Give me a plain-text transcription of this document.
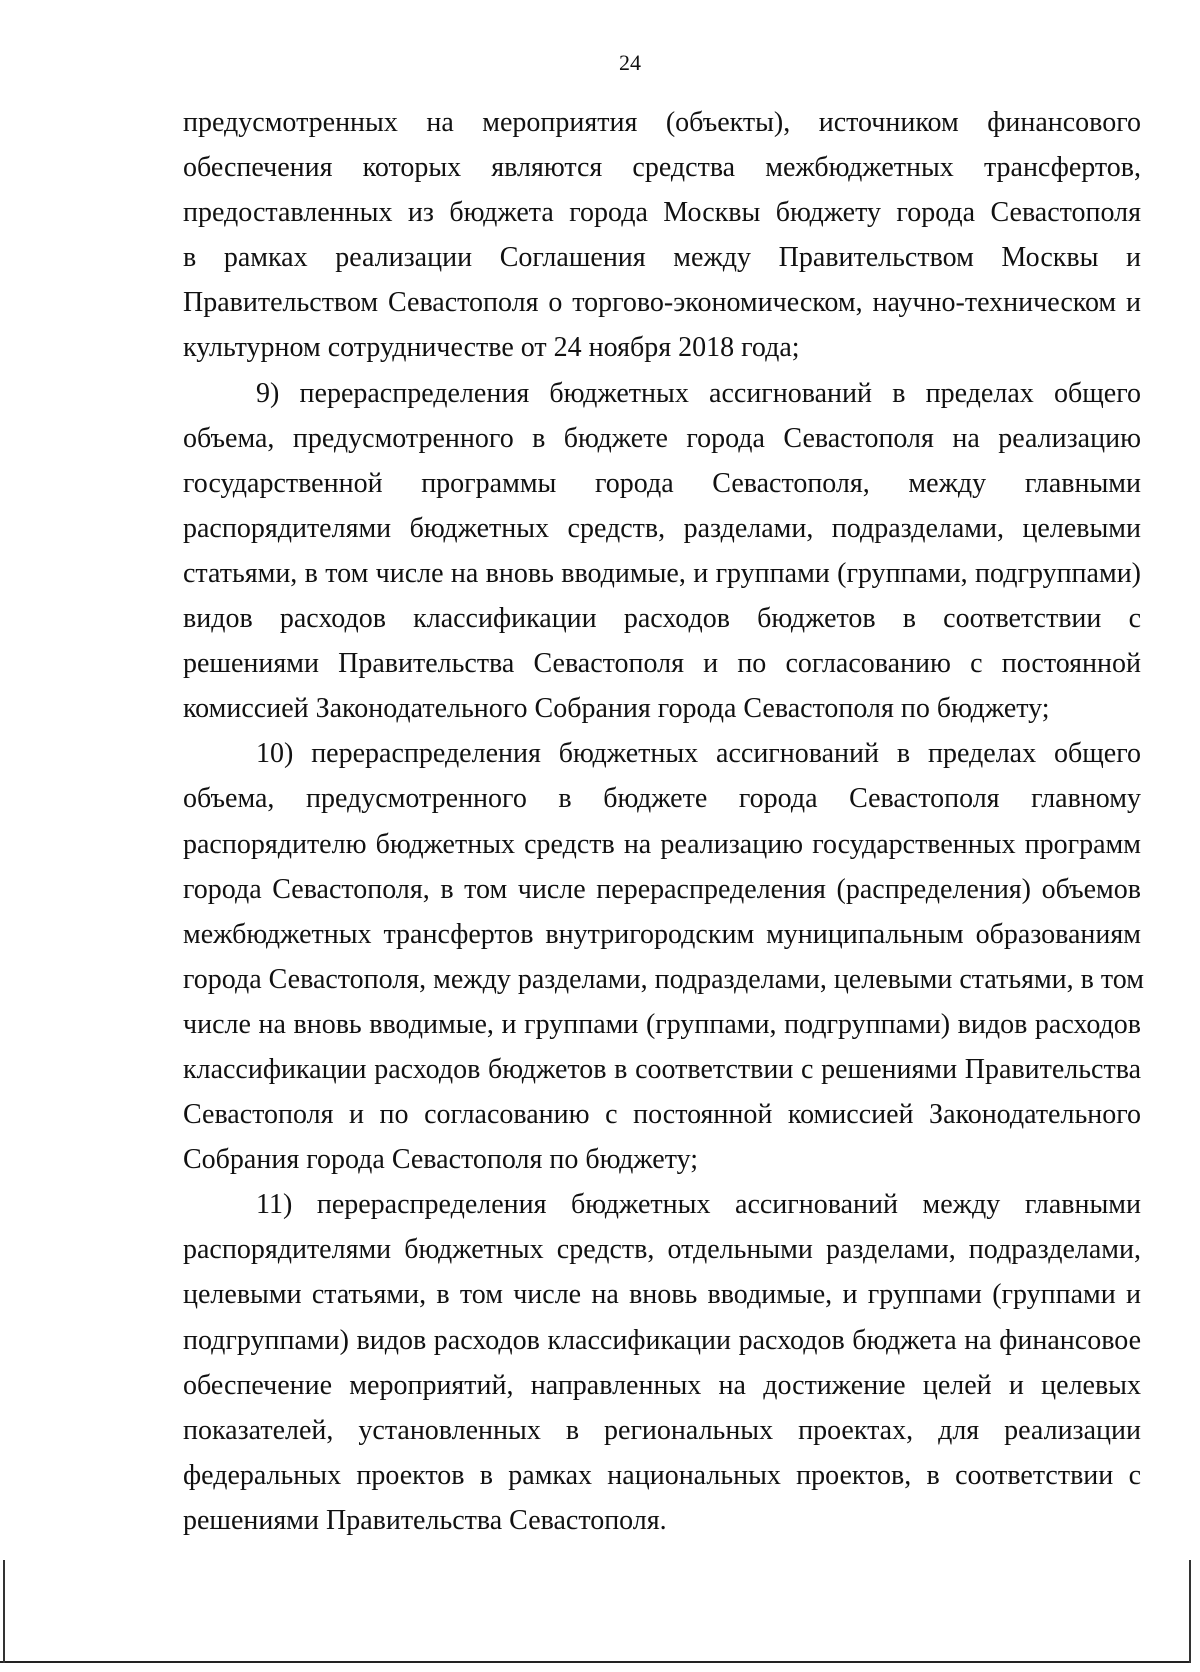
24
предусмотренных на мероприятия (объекты), источником финансового
обеспечения которых являются средства межбюджетных трансфертов,
предоставленных из бюджета города Москвы бюджету города Севастополя
в рамках реализации Соглашения между Правительством Москвы и
Правительством Севастополя о торгово-экономическом, научно-техническом и
культурном сотрудничестве от 24 ноября 2018 года;
9) перераспределения бюджетных ассигнований в пределах общего
объема, предусмотренного в бюджете города Севастополя на реализацию
государственной программы города Севастополя, между главными
распорядителями бюджетных средств, разделами, подразделами, целевыми
статьями, в том числе на вновь вводимые, и группами (группами, подгруппами)
видов расходов классификации расходов бюджетов в соответствии с
решениями Правительства Севастополя и по согласованию с постоянной
комиссией Законодательного Собрания города Севастополя по бюджету;
10) перераспределения бюджетных ассигнований в пределах общего
объема, предусмотренного в бюджете города Севастополя главному
распорядителю бюджетных средств на реализацию государственных программ
города Севастополя, в том числе перераспределения (распределения) объемов
межбюджетных трансфертов внутригородским муниципальным образованиям
города Севастополя, между разделами, подразделами, целевыми статьями, в том
числе на вновь вводимые, и группами (группами, подгруппами) видов расходов
классификации расходов бюджетов в соответствии с решениями Правительства
Севастополя и по согласованию с постоянной комиссией Законодательного
Собрания города Севастополя по бюджету;
11) перераспределения бюджетных ассигнований между главными
распорядителями бюджетных средств, отдельными разделами, подразделами,
целевыми статьями, в том числе на вновь вводимые, и группами (группами и
подгруппами) видов расходов классификации расходов бюджета на финансовое
обеспечение мероприятий, направленных на достижение целей и целевых
показателей, установленных в региональных проектах, для реализации
федеральных проектов в рамках национальных проектов, в соответствии с
решениями Правительства Севастополя.
